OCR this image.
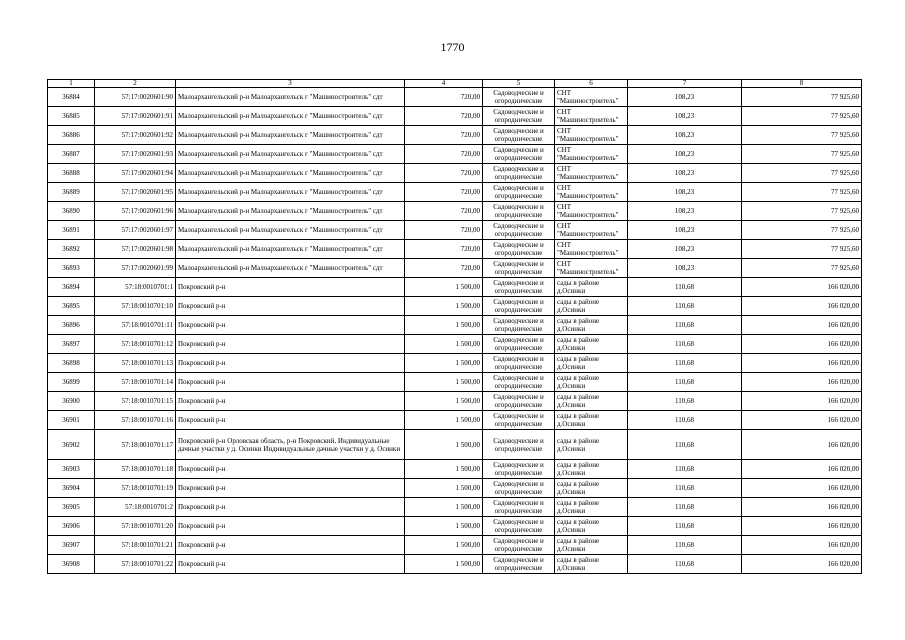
1770
1	2	3	4	5	6	7	8
36884	57:17:0020601:90	Малоархангельский р-н Малоархангельск г "Машиностроитель" сдт	720,00	Садоводческие и огороднические	СНТ "Машиностроитель"	108,23	77 925,60
36885	57:17:0020601:91	Малоархангельский р-н Малоархангельск г "Машиностроитель" сдт	720,00	Садоводческие и огороднические	СНТ "Машиностроитель"	108,23	77 925,60
36886	57:17:0020601:92	Малоархангельский р-н Малоархангельск г "Машиностроитель" сдт	720,00	Садоводческие и огороднические	СНТ "Машиностроитель"	108,23	77 925,60
36887	57:17:0020601:93	Малоархангельский р-н Малоархангельск г "Машиностроитель" сдт	720,00	Садоводческие и огороднические	СНТ "Машиностроитель"	108,23	77 925,60
36888	57:17:0020601:94	Малоархангельский р-н Малоархангельск г "Машиностроитель" сдт	720,00	Садоводческие и огороднические	СНТ "Машиностроитель"	108,23	77 925,60
36889	57:17:0020601:95	Малоархангельский р-н Малоархангельск г "Машиностроитель" сдт	720,00	Садоводческие и огороднические	СНТ "Машиностроитель"	108,23	77 925,60
36890	57:17:0020601:96	Малоархангельский р-н Малоархангельск г "Машиностроитель" сдт	720,00	Садоводческие и огороднические	СНТ "Машиностроитель"	108,23	77 925,60
36891	57:17:0020601:97	Малоархангельский р-н Малоархангельск г "Машиностроитель" сдт	720,00	Садоводческие и огороднические	СНТ "Машиностроитель"	108,23	77 925,60
36892	57:17:0020601:98	Малоархангельский р-н Малоархангельск г "Машиностроитель" сдт	720,00	Садоводческие и огороднические	СНТ "Машиностроитель"	108,23	77 925,60
36893	57:17:0020601:99	Малоархангельский р-н Малоархангельск г "Машиностроитель" сдт	720,00	Садоводческие и огороднические	СНТ "Машиностроитель"	108,23	77 925,60
36894	57:18:0010701:1	Покровский р-н	1 500,00	Садоводческие и огороднические	сады в районе д.Осинки	110,68	166 020,00
36895	57:18:0010701:10	Покровский р-н	1 500,00	Садоводческие и огороднические	сады в районе д.Осинки	110,68	166 020,00
36896	57:18:0010701:11	Покровский р-н	1 500,00	Садоводческие и огороднические	сады в районе д.Осинки	110,68	166 020,00
36897	57:18:0010701:12	Покровский р-н	1 500,00	Садоводческие и огороднические	сады в районе д.Осинки	110,68	166 020,00
36898	57:18:0010701:13	Покровский р-н	1 500,00	Садоводческие и огороднические	сады в районе д.Осинки	110,68	166 020,00
36899	57:18:0010701:14	Покровский р-н	1 500,00	Садоводческие и огороднические	сады в районе д.Осинки	110,68	166 020,00
36900	57:18:0010701:15	Покровский р-н	1 500,00	Садоводческие и огороднические	сады в районе д.Осинки	110,68	166 020,00
36901	57:18:0010701:16	Покровский р-н	1 500,00	Садоводческие и огороднические	сады в районе д.Осинки	110,68	166 020,00
36902	57:18:0010701:17	Покровский р-н Орловская область, р-н Покровский, Индивидуальные дачные участки у д. Осинки Индивидуальные дачные участки у д. Осинки	1 500,00	Садоводческие и огороднические	сады в районе д.Осинки	110,68	166 020,00
36903	57:18:0010701:18	Покровский р-н	1 500,00	Садоводческие и огороднические	сады в районе д.Осинки	110,68	166 020,00
36904	57:18:0010701:19	Покровский р-н	1 500,00	Садоводческие и огороднические	сады в районе д.Осинки	110,68	166 020,00
36905	57:18:0010701:2	Покровский р-н	1 500,00	Садоводческие и огороднические	сады в районе д.Осинки	110,68	166 020,00
36906	57:18:0010701:20	Покровский р-н	1 500,00	Садоводческие и огороднические	сады в районе д.Осинки	110,68	166 020,00
36907	57:18:0010701:21	Покровский р-н	1 500,00	Садоводческие и огороднические	сады в районе д.Осинки	110,68	166 020,00
36908	57:18:0010701:22	Покровский р-н	1 500,00	Садоводческие и огороднические	сады в районе д.Осинки	110,68	166 020,00
